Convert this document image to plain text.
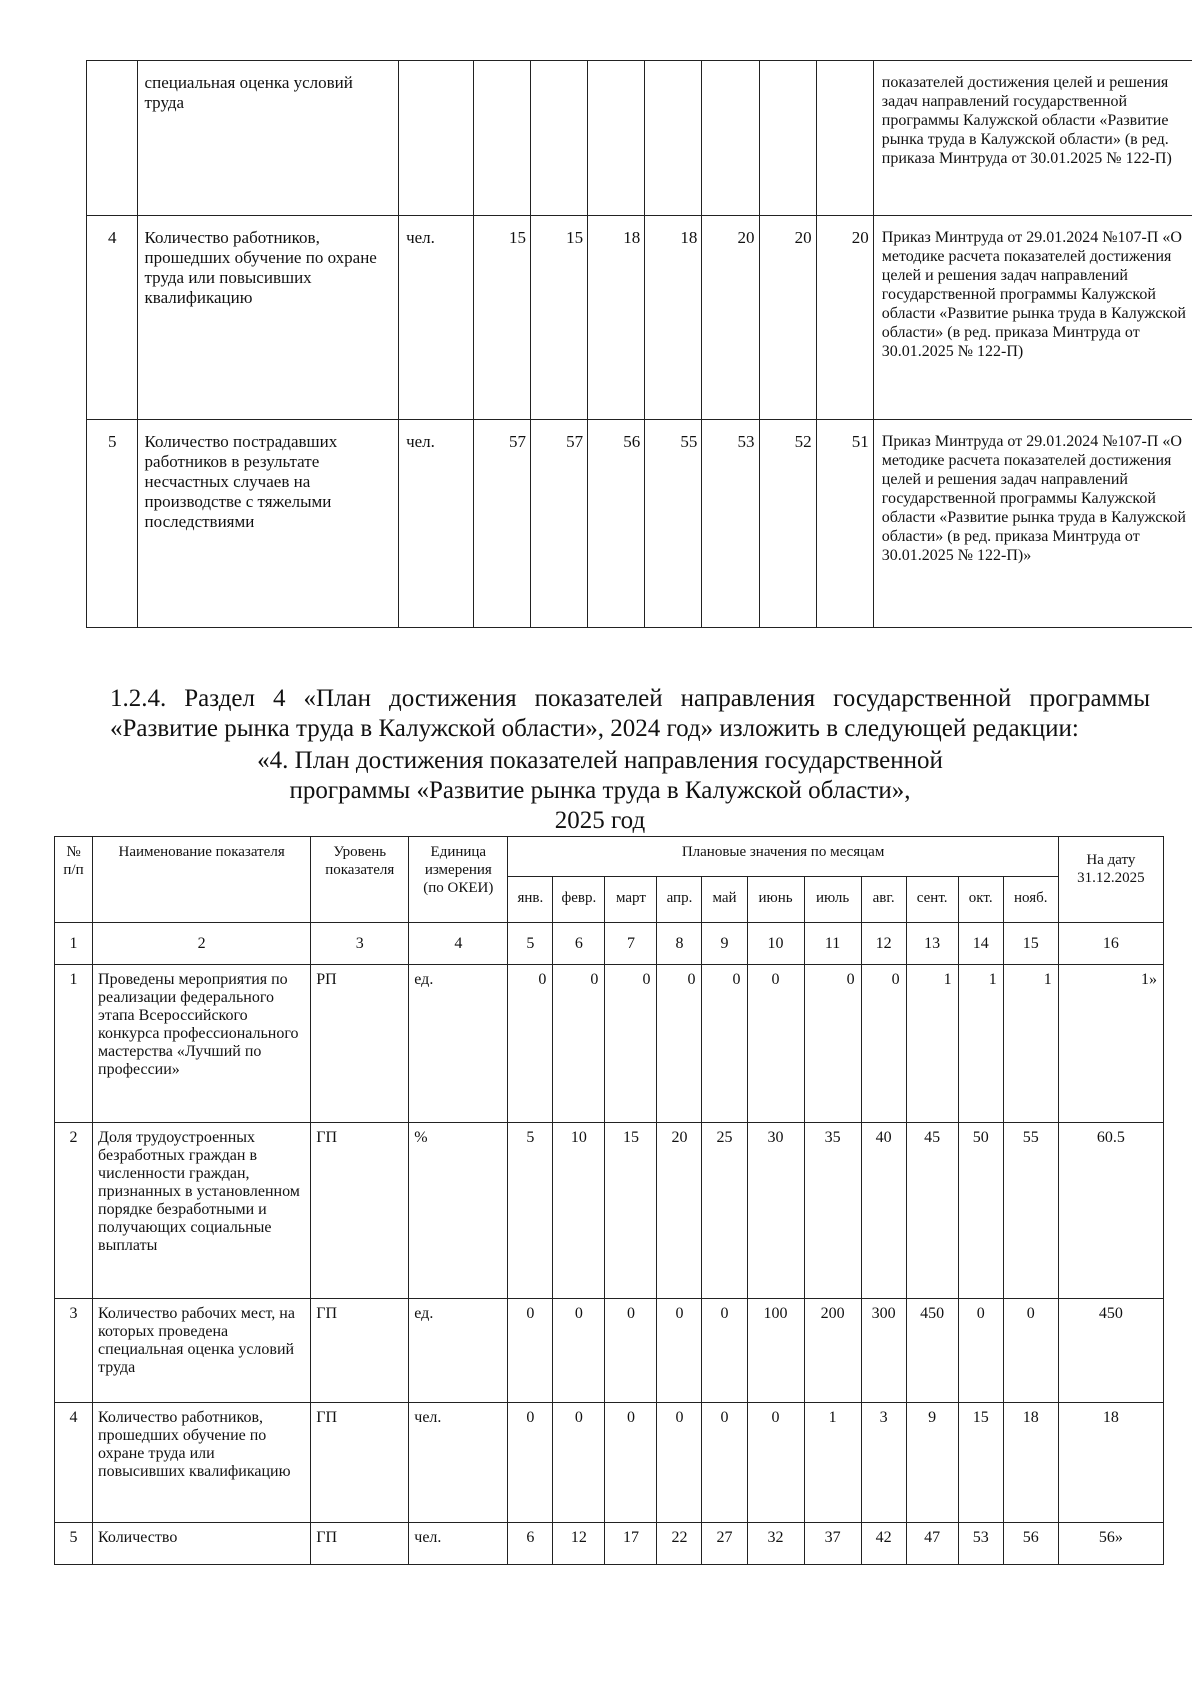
	специальная оценка условий труда									показателей достижения целей и решения задач направлений государственной программы Калужской области «Развитие рынка труда в Калужской области» (в ред. приказа Минтруда от 30.01.2025 № 122-П)
4	Количество работников, прошедших обучение по охране труда или повысивших квалификацию	чел.	15	15	18	18	20	20	20	Приказ Минтруда от 29.01.2024 №107-П «О методике расчета показателей достижения целей и решения задач направлений государственной программы Калужской области «Развитие рынка труда в Калужской области» (в ред. приказа Минтруда от 30.01.2025 № 122-П)
5	Количество пострадавших работников в результате несчастных случаев на производстве с тяжелыми последствиями	чел.	57	57	56	55	53	52	51	Приказ Минтруда от 29.01.2024 №107-П «О методике расчета показателей достижения целей и решения задач направлений государственной программы Калужской области «Развитие рынка труда в Калужской области» (в ред. приказа Минтруда от 30.01.2025 № 122-П)»

1.2.4. Раздел 4 «План достижения показателей направления государственной программы «Развитие рынка труда в Калужской области», 2024 год» изложить в следующей редакции:

«4. План достижения показателей направления государственной

программы «Развитие рынка труда в Калужской области»,

2025 год

№ п/п	Наименование показателя	Уровень показателя	Единица измерения (по ОКЕИ)	Плановые значения по месяцам											На дату 31.12.2025
				янв.	февр.	март	апр.	май	июнь	июль	авг.	сент.	окт.	нояб.	
1	2	3	4	5	6	7	8	9	10	11	12	13	14	15	16
1	Проведены мероприятия по реализации федерального этапа Всероссийского конкурса профессионального мастерства «Лучший по профессии»	РП	ед.	0	0	0	0	0	0	0	0	1	1	1	1»
2	Доля трудоустроенных безработных граждан в численности граждан, признанных в установленном порядке безработными и получающих социальные выплаты	ГП	%	5	10	15	20	25	30	35	40	45	50	55	60.5
3	Количество рабочих мест, на которых проведена специальная оценка условий труда	ГП	ед.	0	0	0	0	0	100	200	300	450	0	0	450
4	Количество работников, прошедших обучение по охране труда или повысивших квалификацию	ГП	чел.	0	0	0	0	0	0	1	3	9	15	18	18
5	Количество	ГП	чел.	6	12	17	22	27	32	37	42	47	53	56	56»
